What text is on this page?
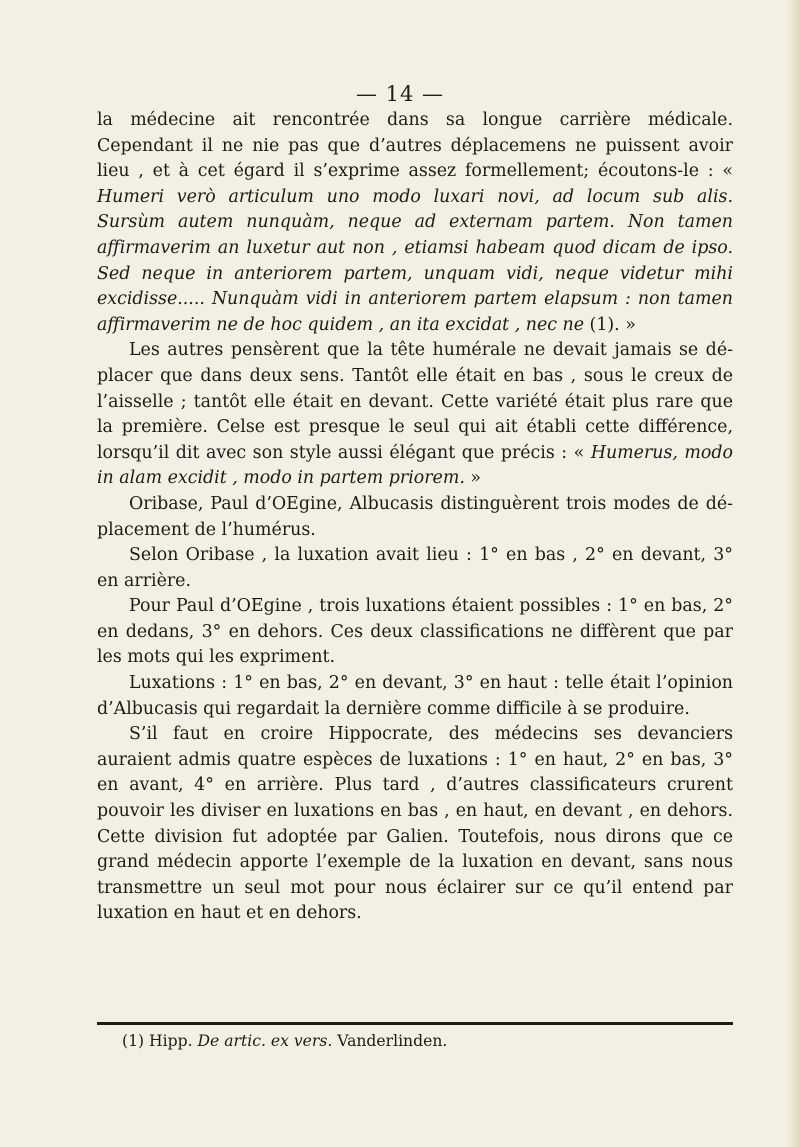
— 14 —

la médecine ait rencontrée dans sa longue carrière médicale. Cependant il ne nie pas que d’autres déplacemens ne puissent avoir lieu , et à cet égard il s’exprime assez formellement; écoutons-le : « Humeri verò articulum uno modo luxari novi, ad locum sub alis. Sursùm autem nunquàm, neque ad externam partem. Non tamen affirmaverim an luxetur aut non , etiamsi habeam quod dicam de ipso. Sed neque in anteriorem partem, unquam vidi, neque videtur mihi excidisse..... Nunquàm vidi in anteriorem partem elapsum : non tamen affirmaverim ne de hoc quidem , an ita excidat , nec ne (1). »

Les autres pensèrent que la tête humérale ne devait jamais se dé-placer que dans deux sens. Tantôt elle était en bas , sous le creux de l’aisselle ; tantôt elle était en devant. Cette variété était plus rare que la première. Celse est presque le seul qui ait établi cette différence, lorsqu’il dit avec son style aussi élégant que précis : « Humerus, modo in alam excidit , modo in partem priorem. »

Oribase, Paul d’OEgine, Albucasis distinguèrent trois modes de dé-placement de l’humérus.

Selon Oribase , la luxation avait lieu : 1° en bas , 2° en devant, 3° en arrière.

Pour Paul d’OEgine , trois luxations étaient possibles : 1° en bas, 2° en dedans, 3° en dehors. Ces deux classifications ne diffèrent que par les mots qui les expriment.

Luxations : 1° en bas, 2° en devant, 3° en haut : telle était l’opinion d’Albucasis qui regardait la dernière comme difficile à se produire.

S’il faut en croire Hippocrate, des médecins ses devanciers auraient admis quatre espèces de luxations : 1° en haut, 2° en bas, 3° en avant, 4° en arrière. Plus tard , d’autres classificateurs crurent pouvoir les diviser en luxations en bas , en haut, en devant , en dehors. Cette division fut adoptée par Galien. Toutefois, nous dirons que ce grand médecin apporte l’exemple de la luxation en devant, sans nous transmettre un seul mot pour nous éclairer sur ce qu’il entend par luxation en haut et en dehors.

(1) Hipp. De artic. ex vers. Vanderlinden.
